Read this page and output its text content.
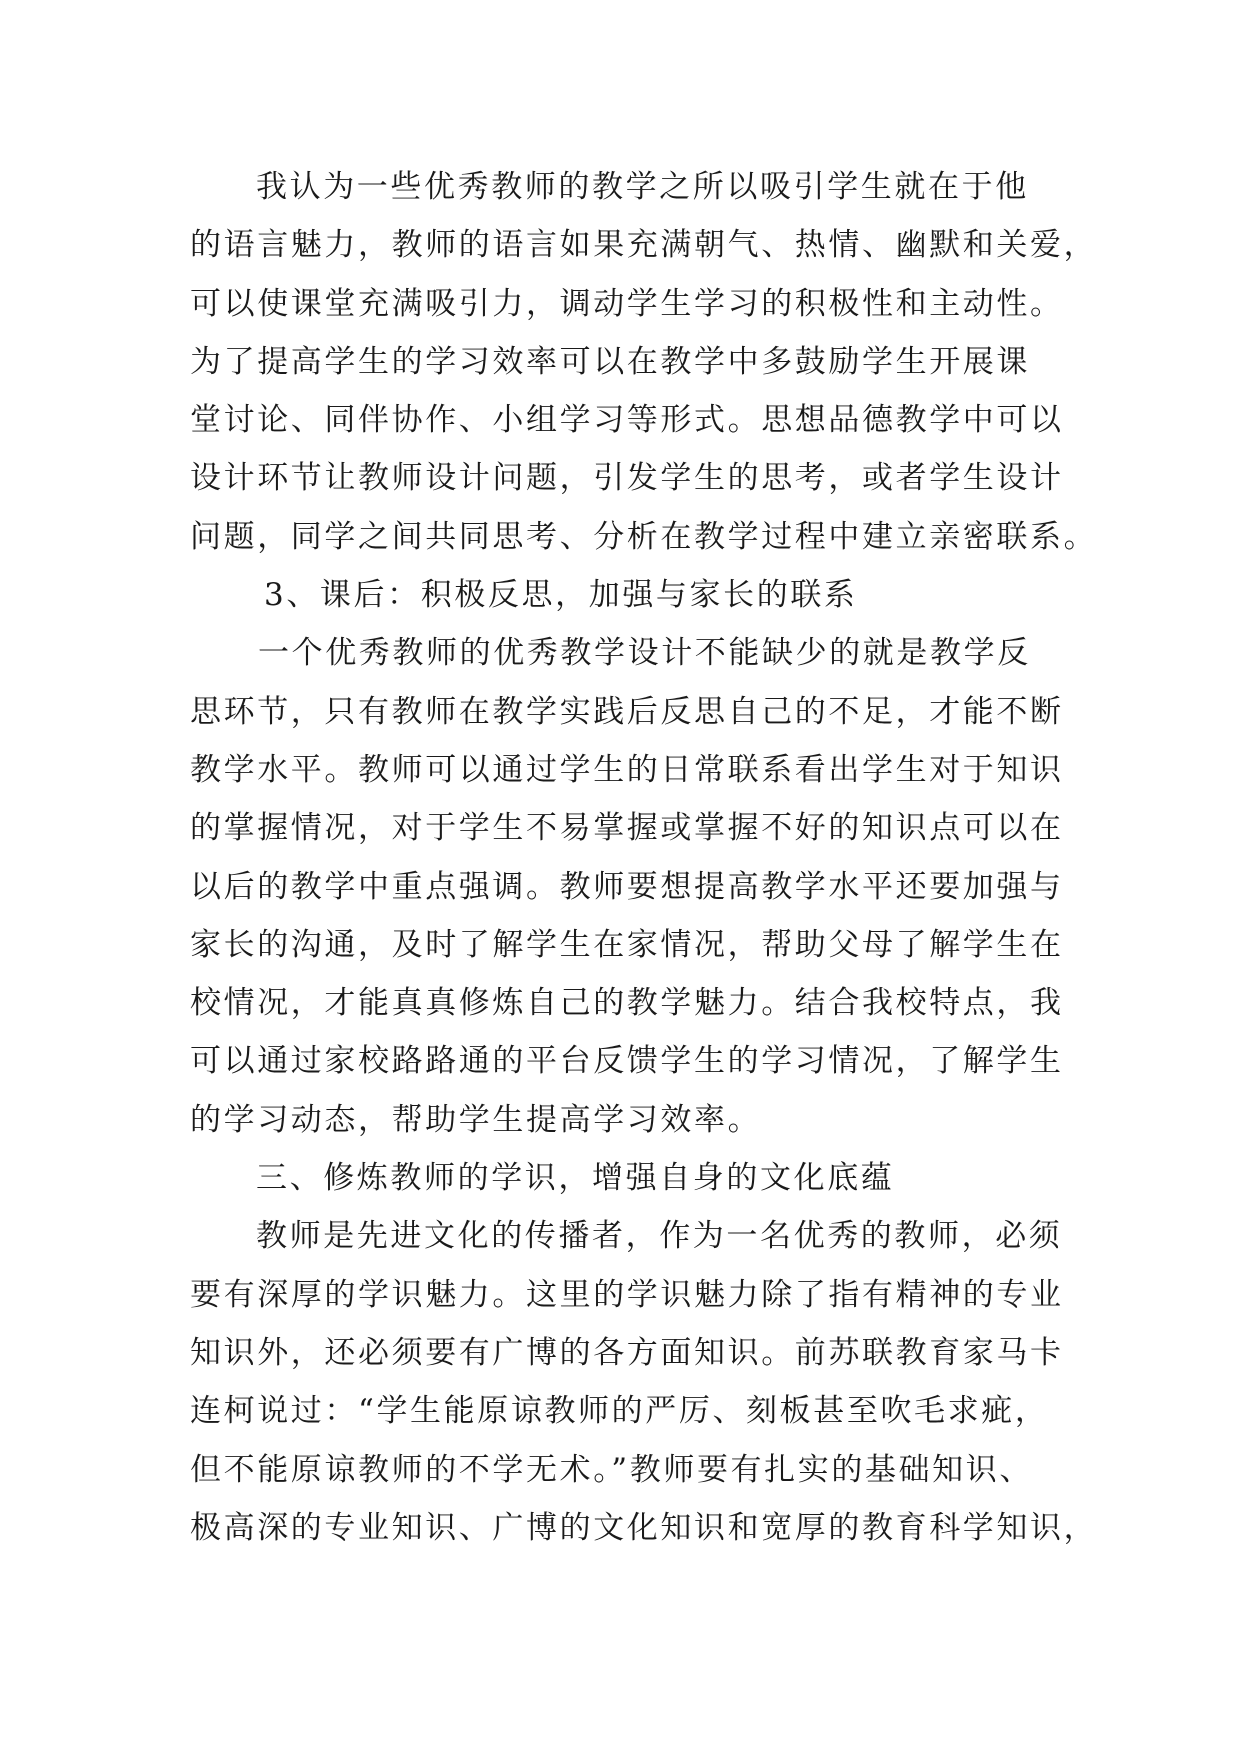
我认为一些优秀教师的教学之所以吸引学生就在于他
的语言魅力，教师的语言如果充满朝气、热情、幽默和关爱，
可以使课堂充满吸引力，调动学生学习的积极性和主动性。
为了提高学生的学习效率可以在教学中多鼓励学生开展课
堂讨论、同伴协作、小组学习等形式。思想品德教学中可以
设计环节让教师设计问题，引发学生的思考，或者学生设计
问题，同学之间共同思考、分析在教学过程中建立亲密联系。
3、课后：积极反思，加强与家长的联系
一个优秀教师的优秀教学设计不能缺少的就是教学反
思环节，只有教师在教学实践后反思自己的不足，才能不断
教学水平。教师可以通过学生的日常联系看出学生对于知识
的掌握情况，对于学生不易掌握或掌握不好的知识点可以在
以后的教学中重点强调。教师要想提高教学水平还要加强与
家长的沟通，及时了解学生在家情况，帮助父母了解学生在
校情况，才能真真修炼自己的教学魅力。结合我校特点，我
可以通过家校路路通的平台反馈学生的学习情况，了解学生
的学习动态，帮助学生提高学习效率。
三、修炼教师的学识，增强自身的文化底蕴
教师是先进文化的传播者，作为一名优秀的教师，必须
要有深厚的学识魅力。这里的学识魅力除了指有精神的专业
知识外，还必须要有广博的各方面知识。前苏联教育家马卡
连柯说过：“学生能原谅教师的严厉、刻板甚至吹毛求疵，
但不能原谅教师的不学无术。”教师要有扎实的基础知识、
极高深的专业知识、广博的文化知识和宽厚的教育科学知识，
